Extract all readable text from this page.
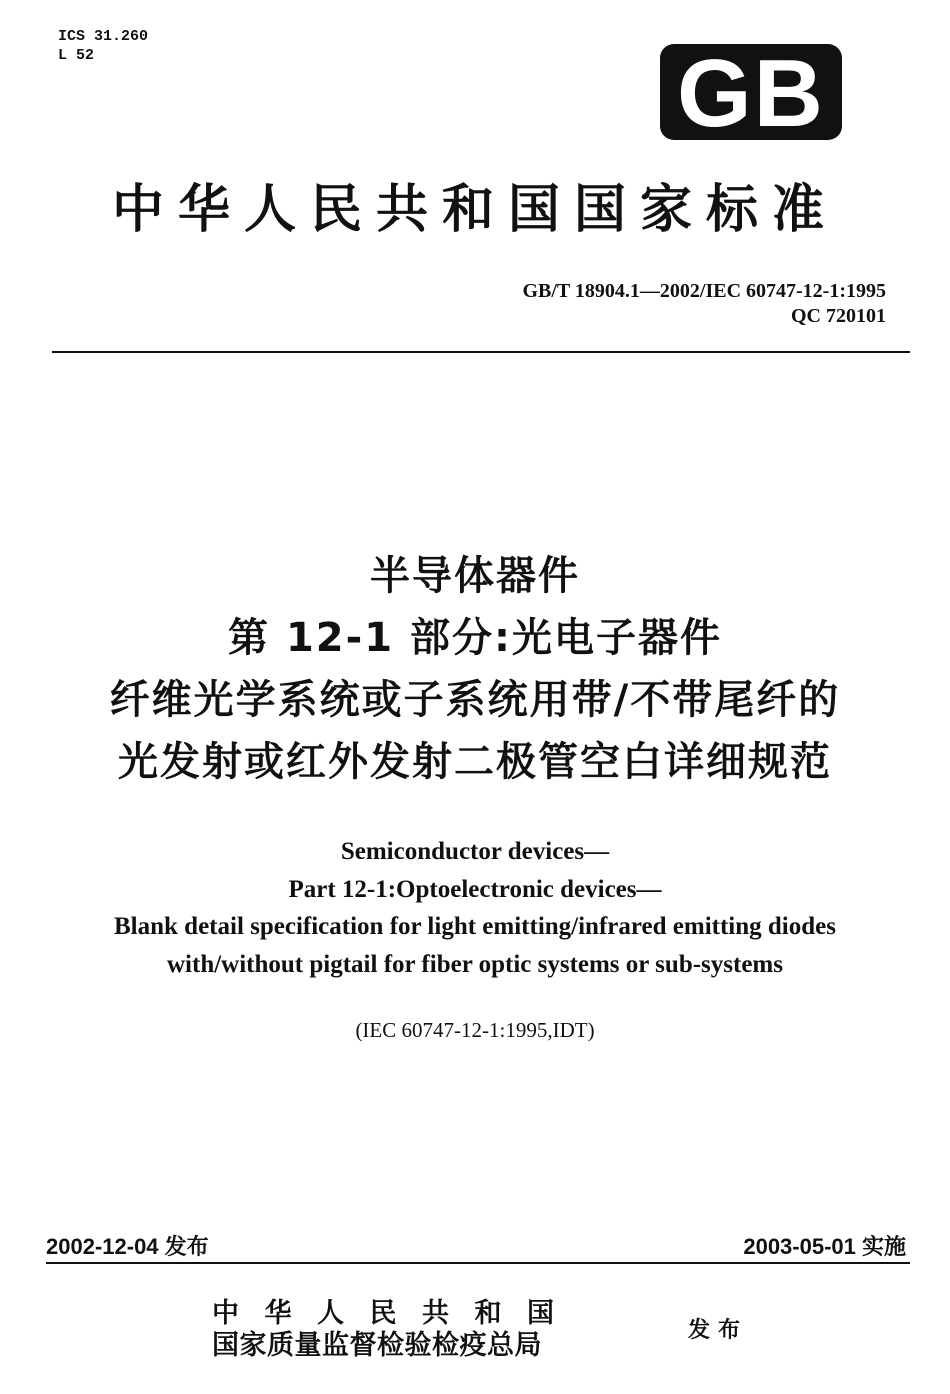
ICS 31.260
L 52	GB
中华人民共和国国家标准
GB/T 18904.1—2002/IEC 60747-12-1:1995
QC 720101
半导体器件
第 12-1 部分:光电子器件
纤维光学系统或子系统用带/不带尾纤的
光发射或红外发射二极管空白详细规范
Semiconductor devices—
Part 12-1:Optoelectronic devices—
Blank detail specification for light emitting/infrared emitting diodes
with/without pigtail for fiber optic systems or sub-systems
(IEC 60747-12-1:1995,IDT)
2002-12-04 发布	2003-05-01 实施
中华人民共和国
国家质量监督检验检疫总局	发布
